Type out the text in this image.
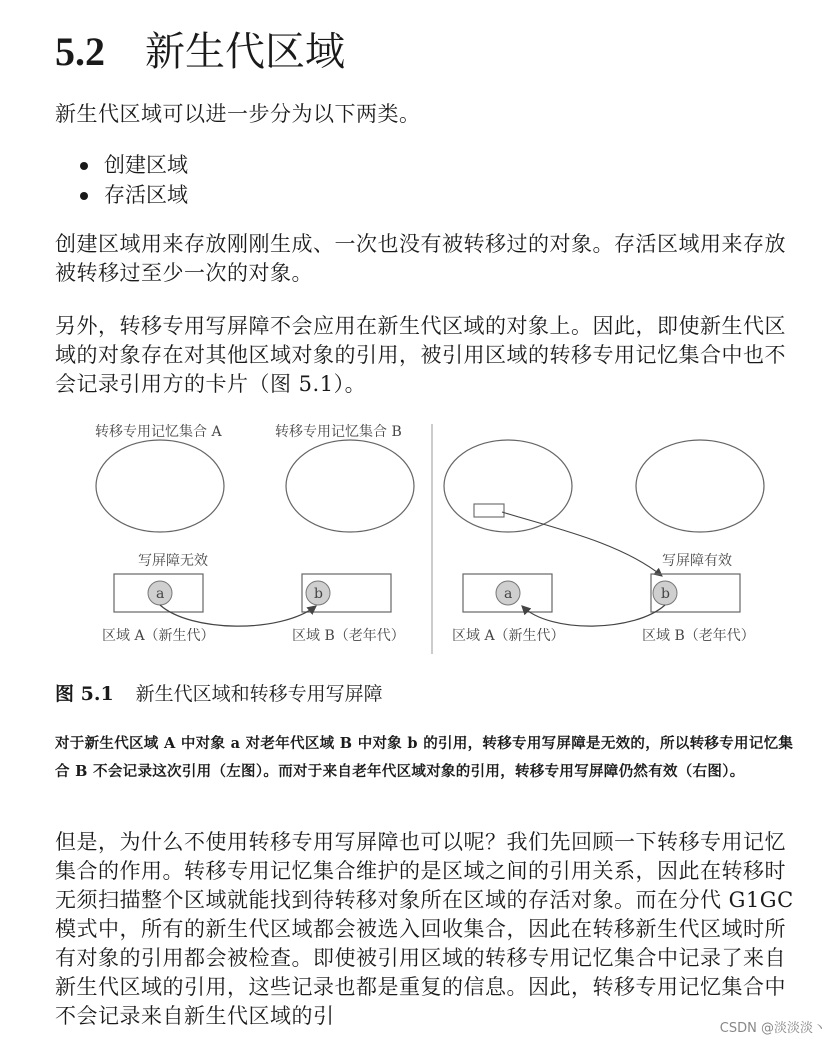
5.2 新生代区域
新生代区域可以进一步分为以下两类。
创建区域
存活区域
创建区域用来存放刚刚生成、一次也没有被转移过的对象。存活区域用来存放被转移过至少一次的对象。
另外，转移专用写屏障不会应用在新生代区域的对象上。因此，即使新生代区域的对象存在对其他区域对象的引用，被引用区域的转移专用记忆集合中也不会记录引用方的卡片（图 5.1）。
转移专用记忆集合 A	转移专用记忆集合 B
写屏障无效
a	b
区域 A（新生代）	区域 B（老年代）
写屏障有效
a	b
区域 A（新生代）	区域 B（老年代）
图 5.1 新生代区域和转移专用写屏障
对于新生代区域 A 中对象 a 对老年代区域 B 中对象 b 的引用，转移专用写屏障是无效的，所以转移专用记忆集合 B 不会记录这次引用（左图）。而对于来自老年代区域对象的引用，转移专用写屏障仍然有效（右图）。
但是，为什么不使用转移专用写屏障也可以呢？我们先回顾一下转移专用记忆集合的作用。转移专用记忆集合维护的是区域之间的引用关系，因此在转移时无须扫描整个区域就能找到待转移对象所在区域的存活对象。而在分代 G1GC 模式中，所有的新生代区域都会被选入回收集合，因此在转移新生代区域时所有对象的引用都会被检查。即使被引用区域的转移专用记忆集合中记录了来自新生代区域的引用，这些记录也都是重复的信息。因此，转移专用记忆集合中不会记录来自新生代区域的引
CSDN @淡淡淡丶
